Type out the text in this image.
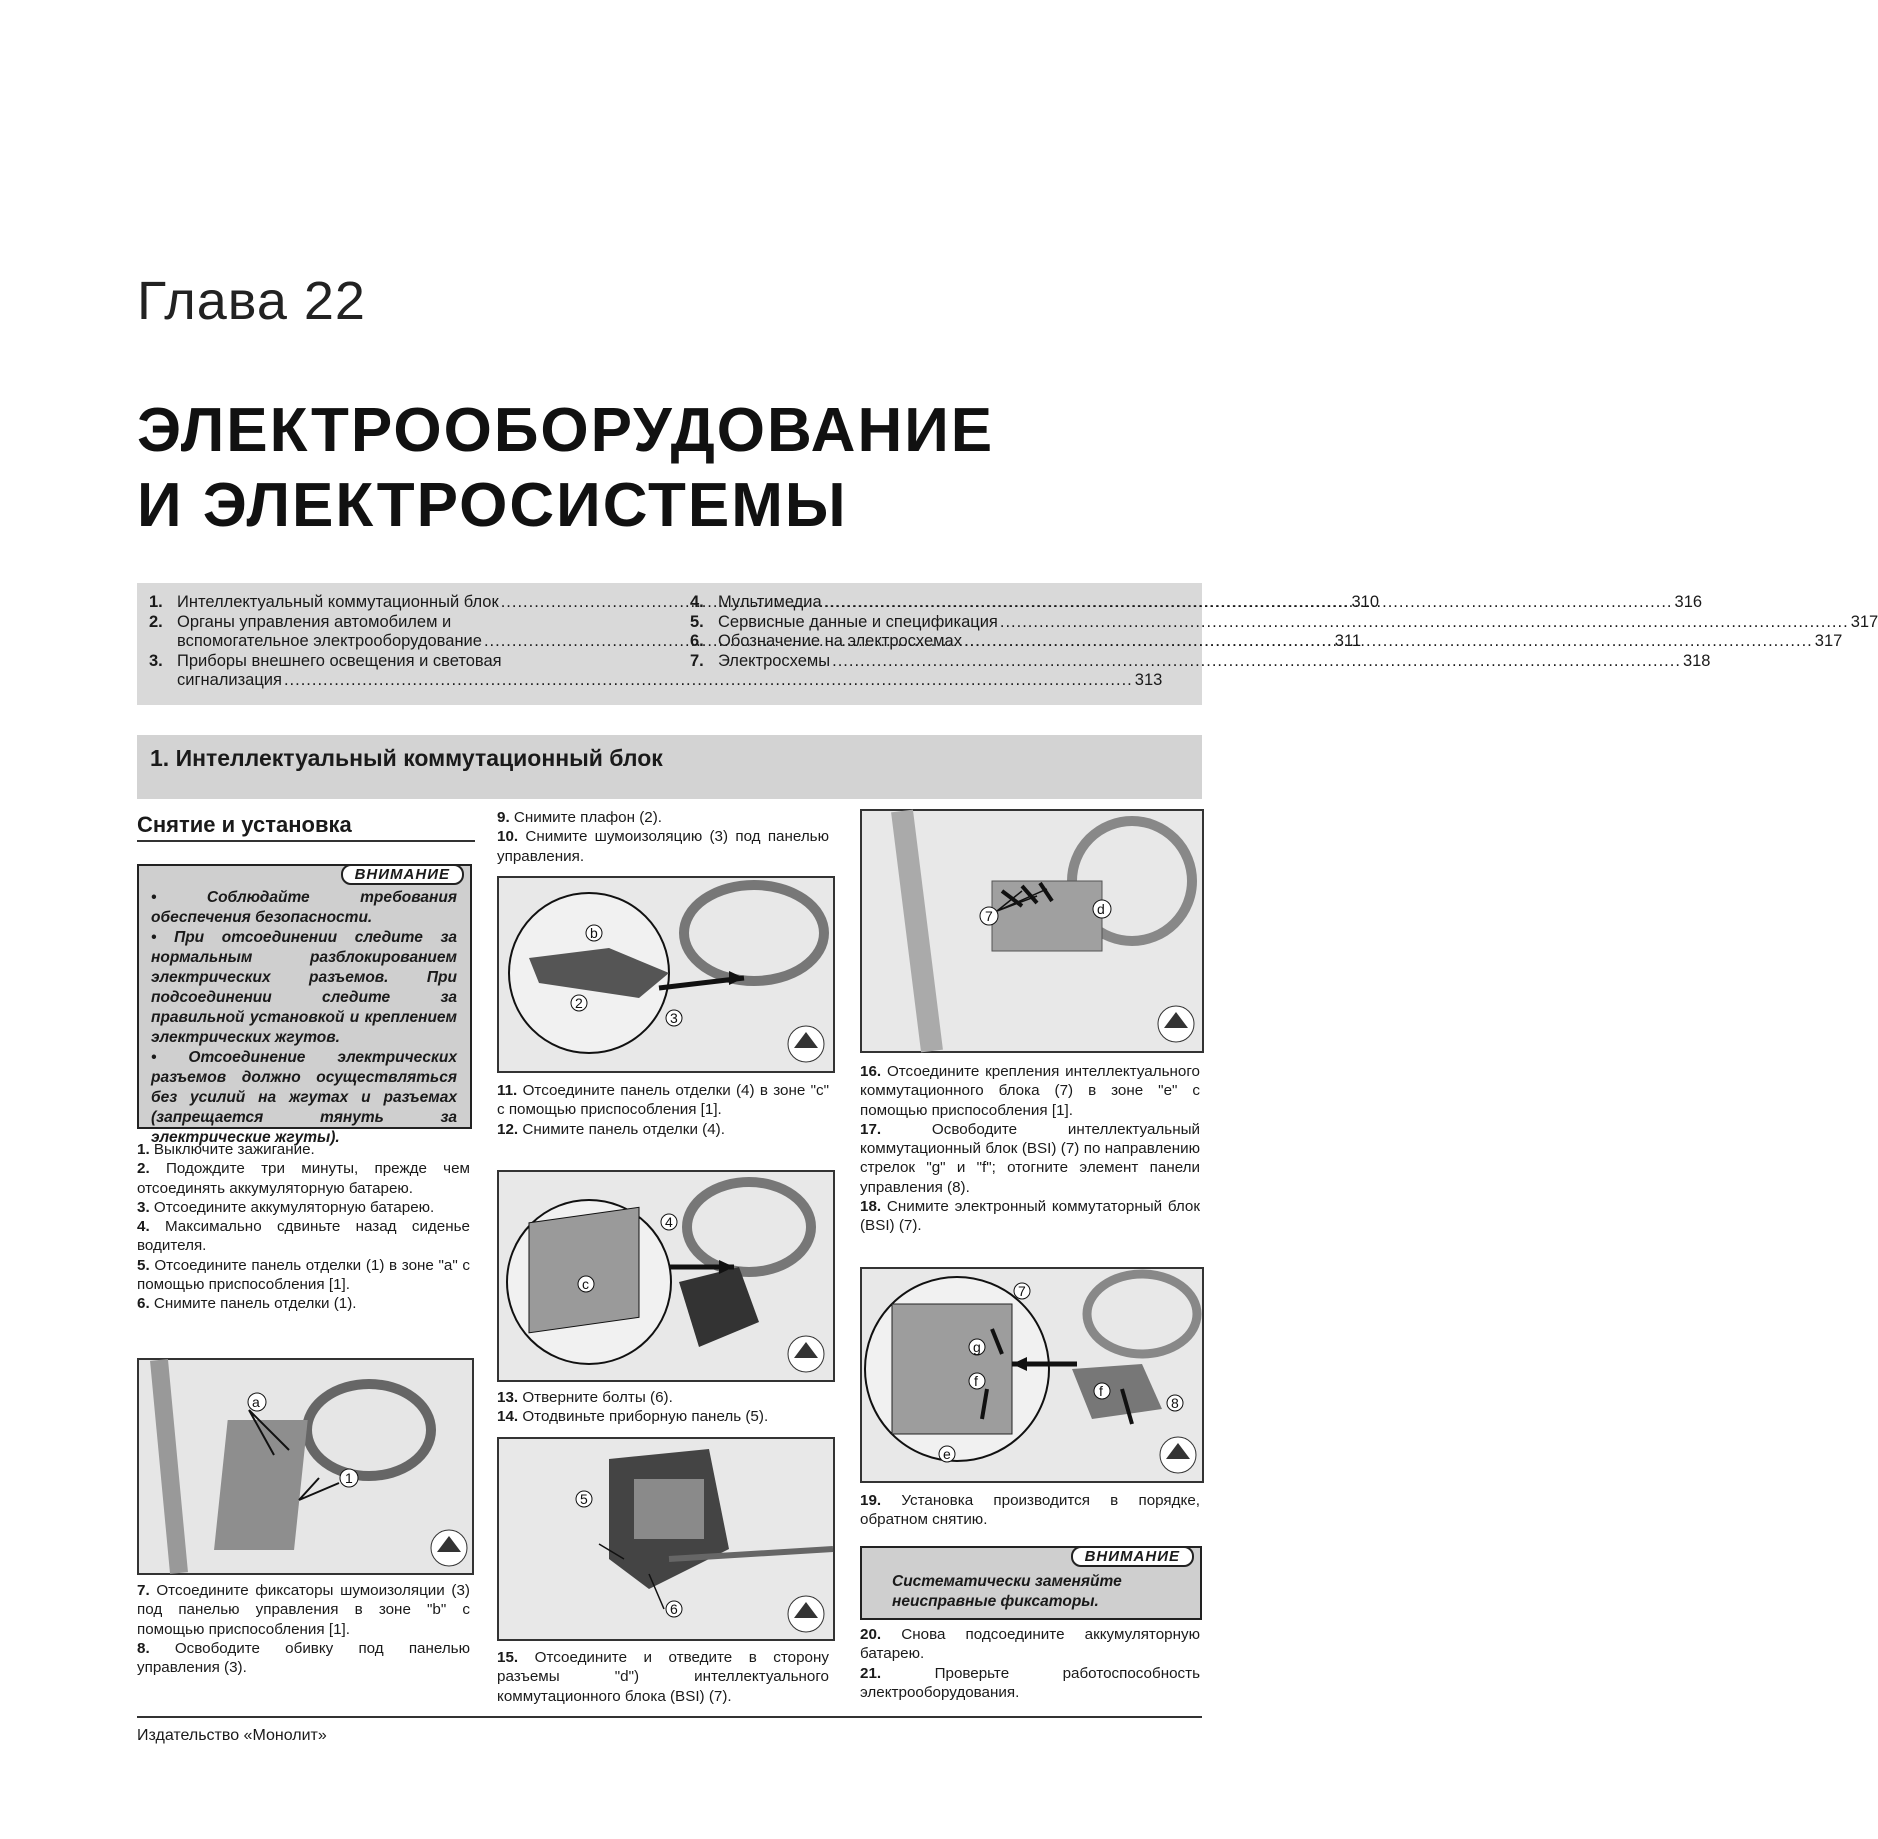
Глава 22
ЭЛЕКТРООБОРУДОВАНИЕ
И ЭЛЕКТРОСИСТЕМЫ
1. Интеллектуальный коммутационный блок .....	310
2. Органы управления автомобилем и
вспомогательное электрооборудование .....	311
3. Приборы внешнего освещения и световая
сигнализация .....	313
4. Мультимедиа .....	316
5. Сервисные данные и спецификация .....	317
6. Обозначение на электросхемах .....	317
7. Электросхемы .....	318
1. Интеллектуальный коммутационный блок
Снятие и установка
ВНИМАНИЕ
• Соблюдайте требования обеспечения безопасности.
• При отсоединении следите за нормальным разблокированием электрических разъемов. При подсоединении следите за правильной установкой и креплением электрических жгутов.
• Отсоединение электрических разъемов должно осуществляться без усилий на жгутах и разъемах (запрещается тянуть за электрические жгуты).

1. Выключите зажигание.

2. Подождите три минуты, прежде чем отсоединять аккумуляторную батарею.

3. Отсоедините аккумуляторную батарею.

4. Максимально сдвиньте назад сиденье водителя.

5. Отсоедините панель отделки (1) в зоне "а" с помощью приспособления [1].

6. Снимите панель отделки (1).

а
1

7. Отсоедините фиксаторы шумоизоляции (3) под панелью управления в зоне "b" с помощью приспособления [1].

8. Освободите обивку под панелью управления (3).

9. Снимите плафон (2).

10. Снимите шумоизоляцию (3) под панелью управления.

b
2
3

11. Отсоедините панель отделки (4) в зоне "с" с помощью приспособления [1].

12. Снимите панель отделки (4).

4
с

13. Отверните болты (6).

14. Отодвиньте приборную панель (5).

5
6

15. Отсоедините и отведите в сторону разъемы "d") интеллектуального коммутационного блока (BSI) (7).

d
7

16. Отсоедините крепления интеллектуального коммутационного блока (7) в зоне "е" с помощью приспособления [1].

17.	Освободите интеллектуальный коммутационный блок (BSI) (7) по направлению стрелок "g" и "f"; отогните элемент панели управления (8).

18. Снимите электронный коммутаторный блок (BSI) (7).

7
g
f
f
e
8

19. Установка производится в порядке, обратном снятию.

ВНИМАНИЕ
Систематически заменяйте неисправные фиксаторы.

20. Снова подсоедините аккумуляторную батарею.

21.	Проверьте работоспособность электрооборудования.

Издательство «Монолит»
